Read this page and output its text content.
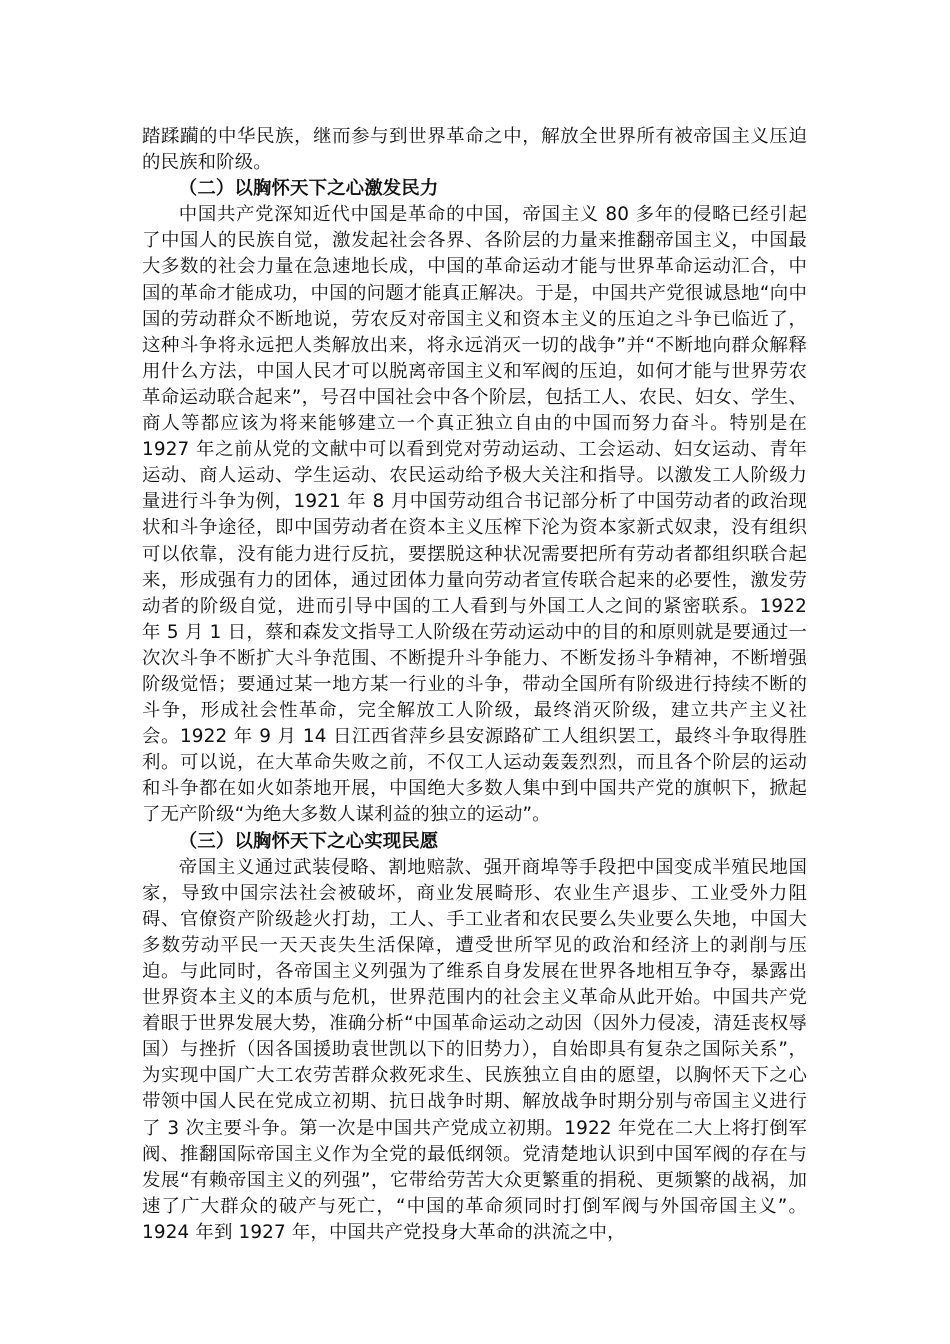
踏蹂躏的中华民族，继而参与到世界革命之中，解放全世界所有被帝国主义压迫的民族和阶级。

（二）以胸怀天下之心激发民力

中国共产党深知近代中国是革命的中国，帝国主义 80 多年的侵略已经引起了中国人的民族自觉，激发起社会各界、各阶层的力量来推翻帝国主义，中国最大多数的社会力量在急速地长成，中国的革命运动才能与世界革命运动汇合，中国的革命才能成功，中国的问题才能真正解决。于是，中国共产党很诚恳地“向中国的劳动群众不断地说，劳农反对帝国主义和资本主义的压迫之斗争已临近了，这种斗争将永远把人类解放出来，将永远消灭一切的战争”并“不断地向群众解释用什么方法，中国人民才可以脱离帝国主义和军阀的压迫，如何才能与世界劳农革命运动联合起来”，号召中国社会中各个阶层，包括工人、农民、妇女、学生、商人等都应该为将来能够建立一个真正独立自由的中国而努力奋斗。特别是在 1927 年之前从党的文献中可以看到党对劳动运动、工会运动、妇女运动、青年运动、商人运动、学生运动、农民运动给予极大关注和指导。以激发工人阶级力量进行斗争为例，1921 年 8 月中国劳动组合书记部分析了中国劳动者的政治现状和斗争途径，即中国劳动者在资本主义压榨下沦为资本家新式奴隶，没有组织可以依靠，没有能力进行反抗，要摆脱这种状况需要把所有劳动者都组织联合起来，形成强有力的团体，通过团体力量向劳动者宣传联合起来的必要性，激发劳动者的阶级自觉，进而引导中国的工人看到与外国工人之间的紧密联系。1922 年 5 月 1 日，蔡和森发文指导工人阶级在劳动运动中的目的和原则就是要通过一次次斗争不断扩大斗争范围、不断提升斗争能力、不断发扬斗争精神，不断增强阶级觉悟；要通过某一地方某一行业的斗争，带动全国所有阶级进行持续不断的斗争，形成社会性革命，完全解放工人阶级，最终消灭阶级，建立共产主义社会。1922 年 9 月 14 日江西省萍乡县安源路矿工人组织罢工，最终斗争取得胜利。可以说，在大革命失败之前，不仅工人运动轰轰烈烈，而且各个阶层的运动和斗争都在如火如荼地开展，中国绝大多数人集中到中国共产党的旗帜下，掀起了无产阶级“为绝大多数人谋利益的独立的运动”。

（三）以胸怀天下之心实现民愿

帝国主义通过武装侵略、割地赔款、强开商埠等手段把中国变成半殖民地国家，导致中国宗法社会被破坏，商业发展畸形、农业生产退步、工业受外力阻碍、官僚资产阶级趁火打劫，工人、手工业者和农民要么失业要么失地，中国大多数劳动平民一天天丧失生活保障，遭受世所罕见的政治和经济上的剥削与压迫。与此同时，各帝国主义列强为了维系自身发展在世界各地相互争夺，暴露出世界资本主义的本质与危机，世界范围内的社会主义革命从此开始。中国共产党着眼于世界发展大势，准确分析“中国革命运动之动因（因外力侵凌，清廷丧权辱国）与挫折（因各国援助袁世凯以下的旧势力），自始即具有复杂之国际关系”，为实现中国广大工农劳苦群众救死求生、民族独立自由的愿望，以胸怀天下之心带领中国人民在党成立初期、抗日战争时期、解放战争时期分别与帝国主义进行了 3 次主要斗争。第一次是中国共产党成立初期。1922 年党在二大上将打倒军阀、推翻国际帝国主义作为全党的最低纲领。党清楚地认识到中国军阀的存在与发展“有赖帝国主义的列强”，它带给劳苦大众更繁重的捐税、更频繁的战祸，加速了广大群众的破产与死亡，“中国的革命须同时打倒军阀与外国帝国主义”。1924 年到 1927 年，中国共产党投身大革命的洪流之中，
